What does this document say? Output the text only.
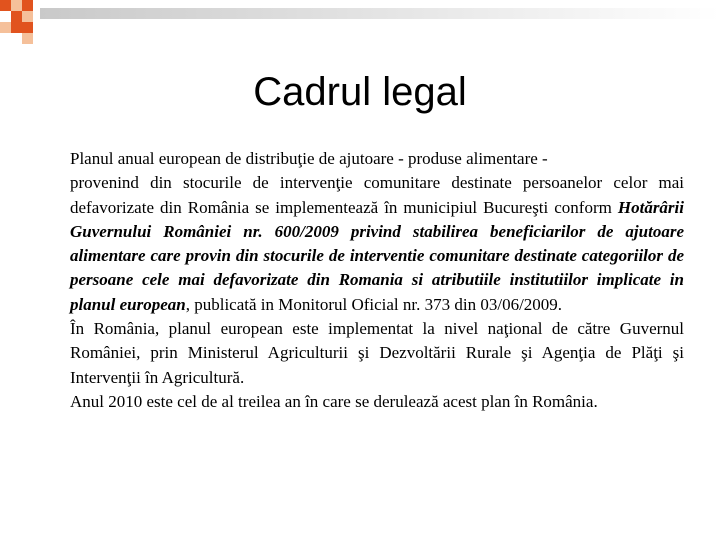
Cadrul legal

Planul anual european de distribuţie de ajutoare - produse alimentare -

provenind din stocurile de intervenţie comunitare destinate persoanelor celor mai defavorizate din România se implementează în municipiul Bucureşti conform Hotărârii Guvernului României nr. 600/2009 privind stabilirea beneficiarilor de ajutoare alimentare care provin din stocurile de interventie comunitare destinate categoriilor de persoane cele mai defavorizate din Romania si atributiile institutiilor implicate in planul european, publicată in Monitorul Oficial nr. 373 din 03/06/2009.

În România, planul european este implementat la nivel naţional de către Guvernul României, prin Ministerul Agriculturii şi Dezvoltării Rurale şi Agenţia de Plăţi şi Intervenţii în Agricultură.

Anul 2010 este cel de al treilea an în care se derulează acest plan în România.
